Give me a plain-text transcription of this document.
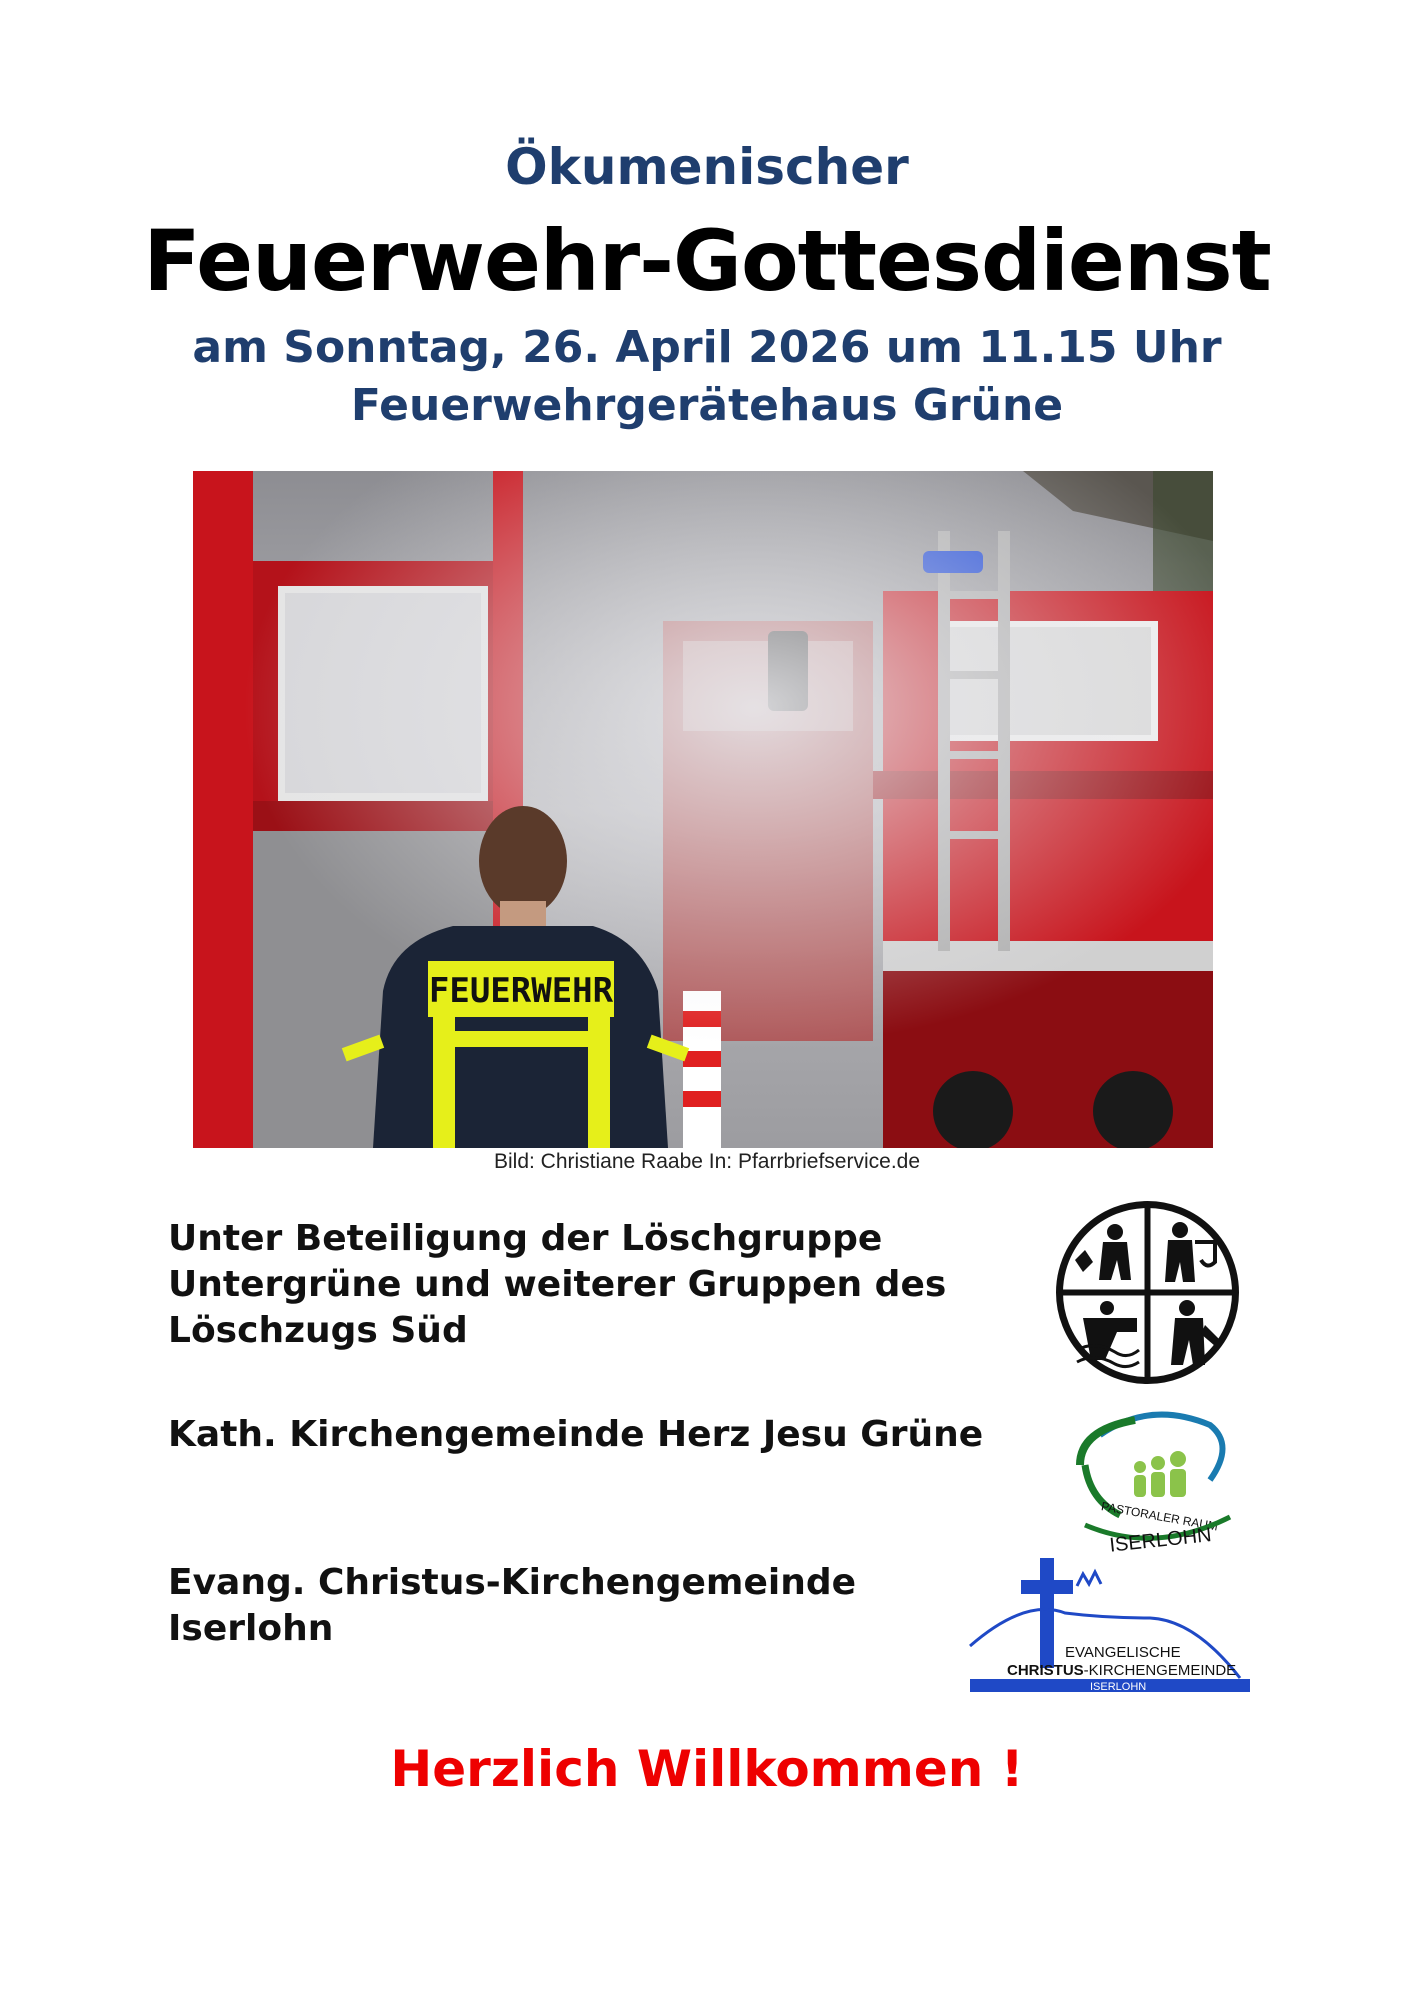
Ökumenischer
Feuerwehr-Gottesdienst
am Sonntag, 26. April 2026 um 11.15 Uhr
Feuerwehrgerätehaus Grüne
FEUERWEHR
Bild: Christiane Raabe In: Pfarrbriefservice.de
Unter Beteiligung der Löschgruppe Untergrüne und weiterer Gruppen des Löschzugs Süd
Kath. Kirchengemeinde Herz Jesu Grüne
Evang. Christus-Kirchengemeinde Iserlohn
PASTORALER RAUM
ISERLOHN
EVANGELISCHE
CHRISTUS-KIRCHENGEMEINDE
ISERLOHN
Herzlich Willkommen !
